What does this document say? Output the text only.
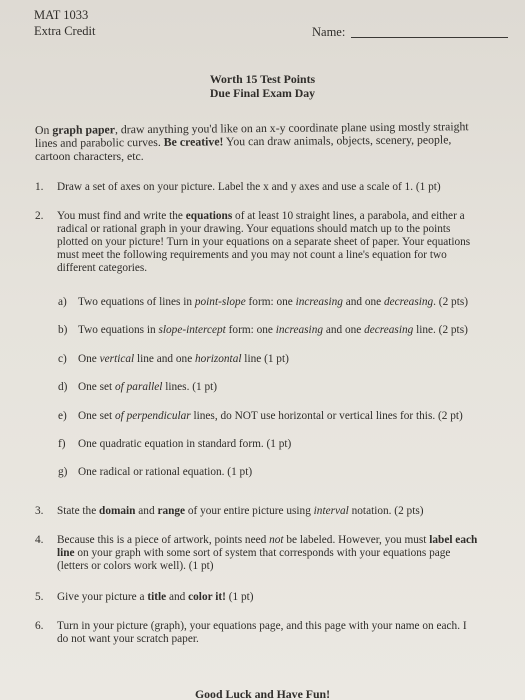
MAT 1033
Extra Credit	Name:
Worth 15 Test Points
Due Final Exam Day
On graph paper, draw anything you'd like on an x-y coordinate plane using mostly straight
lines and parabolic curves. Be creative! You can draw animals, objects, scenery, people,
cartoon characters, etc.
1. Draw a set of axes on your picture. Label the x and y axes and use a scale of 1. (1 pt)
2. You must find and write the equations of at least 10 straight lines, a parabola, and either a
radical or rational graph in your drawing. Your equations should match up to the points
plotted on your picture! Turn in your equations on a separate sheet of paper. Your equations
must meet the following requirements and you may not count a line's equation for two
different categories.
a) Two equations of lines in point-slope form: one increasing and one decreasing. (2 pts)
b) Two equations in slope-intercept form: one increasing and one decreasing line. (2 pts)
c) One vertical line and one horizontal line (1 pt)
d) One set of parallel lines. (1 pt)
e) One set of perpendicular lines, do NOT use horizontal or vertical lines for this. (2 pt)
f) One quadratic equation in standard form. (1 pt)
g) One radical or rational equation. (1 pt)
3. State the domain and range of your entire picture using interval notation. (2 pts)
4. Because this is a piece of artwork, points need not be labeled. However, you must label each
line on your graph with some sort of system that corresponds with your equations page
(letters or colors work well). (1 pt)
5. Give your picture a title and color it! (1 pt)
6. Turn in your picture (graph), your equations page, and this page with your name on each. I
do not want your scratch paper.
Good Luck and Have Fun!
